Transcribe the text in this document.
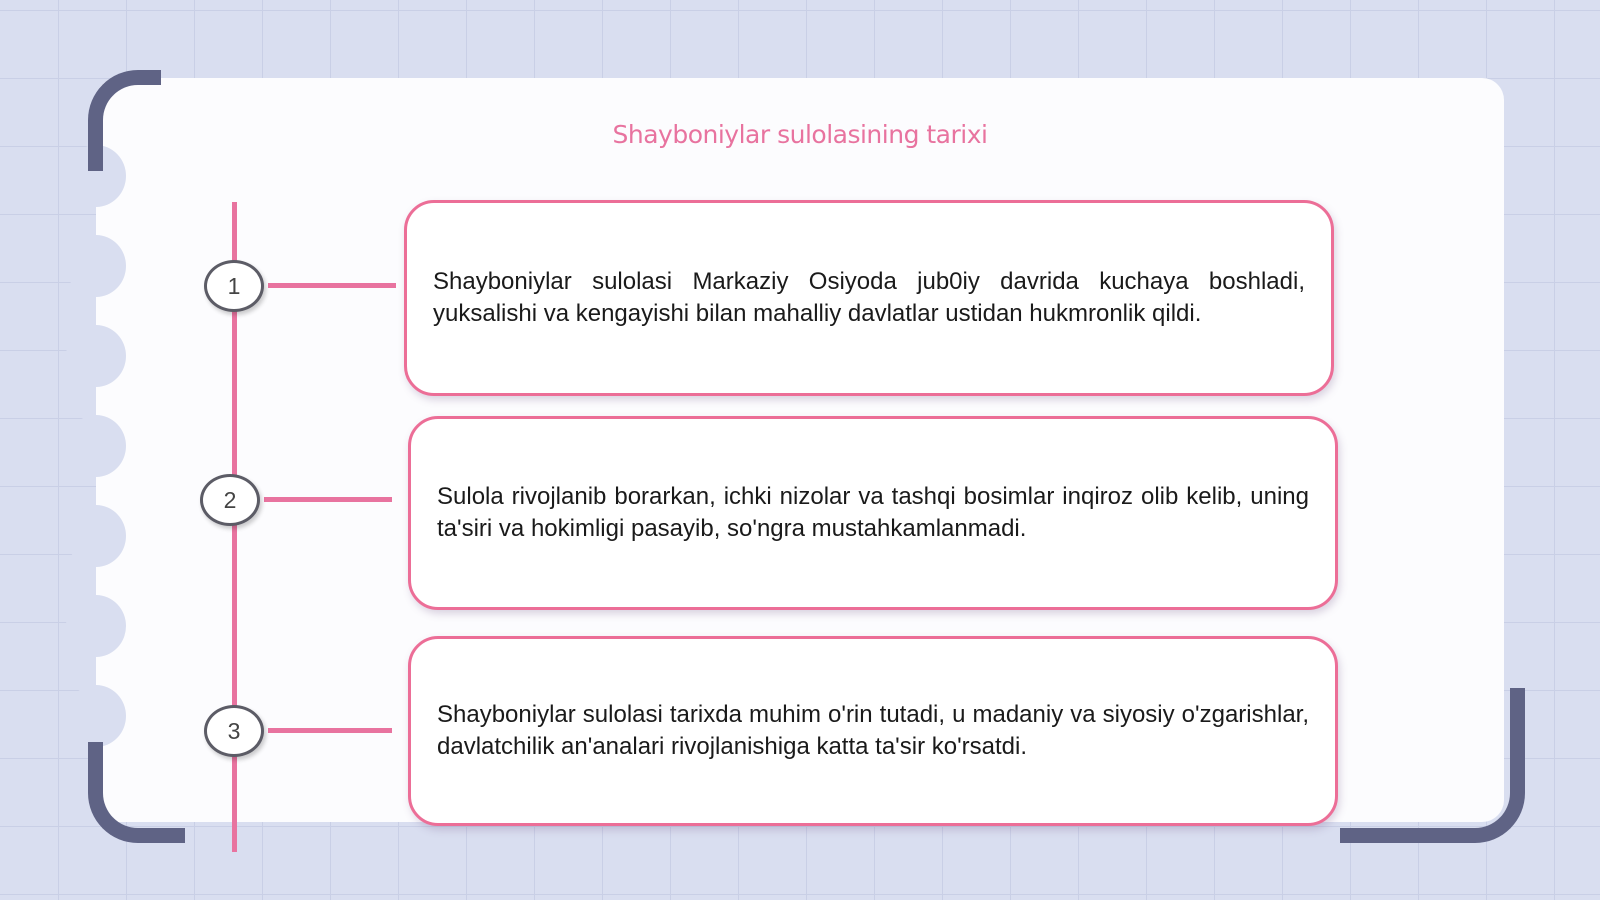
Shayboniylar sulolasining tarixi
1	Shayboniylar sulolasi Markaziy Osiyoda jub0iy davrida kuchaya boshladi, yuksalishi va kengayishi bilan mahalliy davlatlar ustidan hukmronlik qildi.

2	Sulola rivojlanib borarkan, ichki nizolar va tashqi bosimlar inqiroz olib kelib, uning ta'siri va hokimligi pasayib, so'ngra mustahkamlanmadi.

3

Shayboniylar sulolasi tarixda muhim o'rin tutadi, u madaniy va siyosiy o'zgarishlar, davlatchilik an'analari rivojlanishiga katta ta'sir ko'rsatdi.
